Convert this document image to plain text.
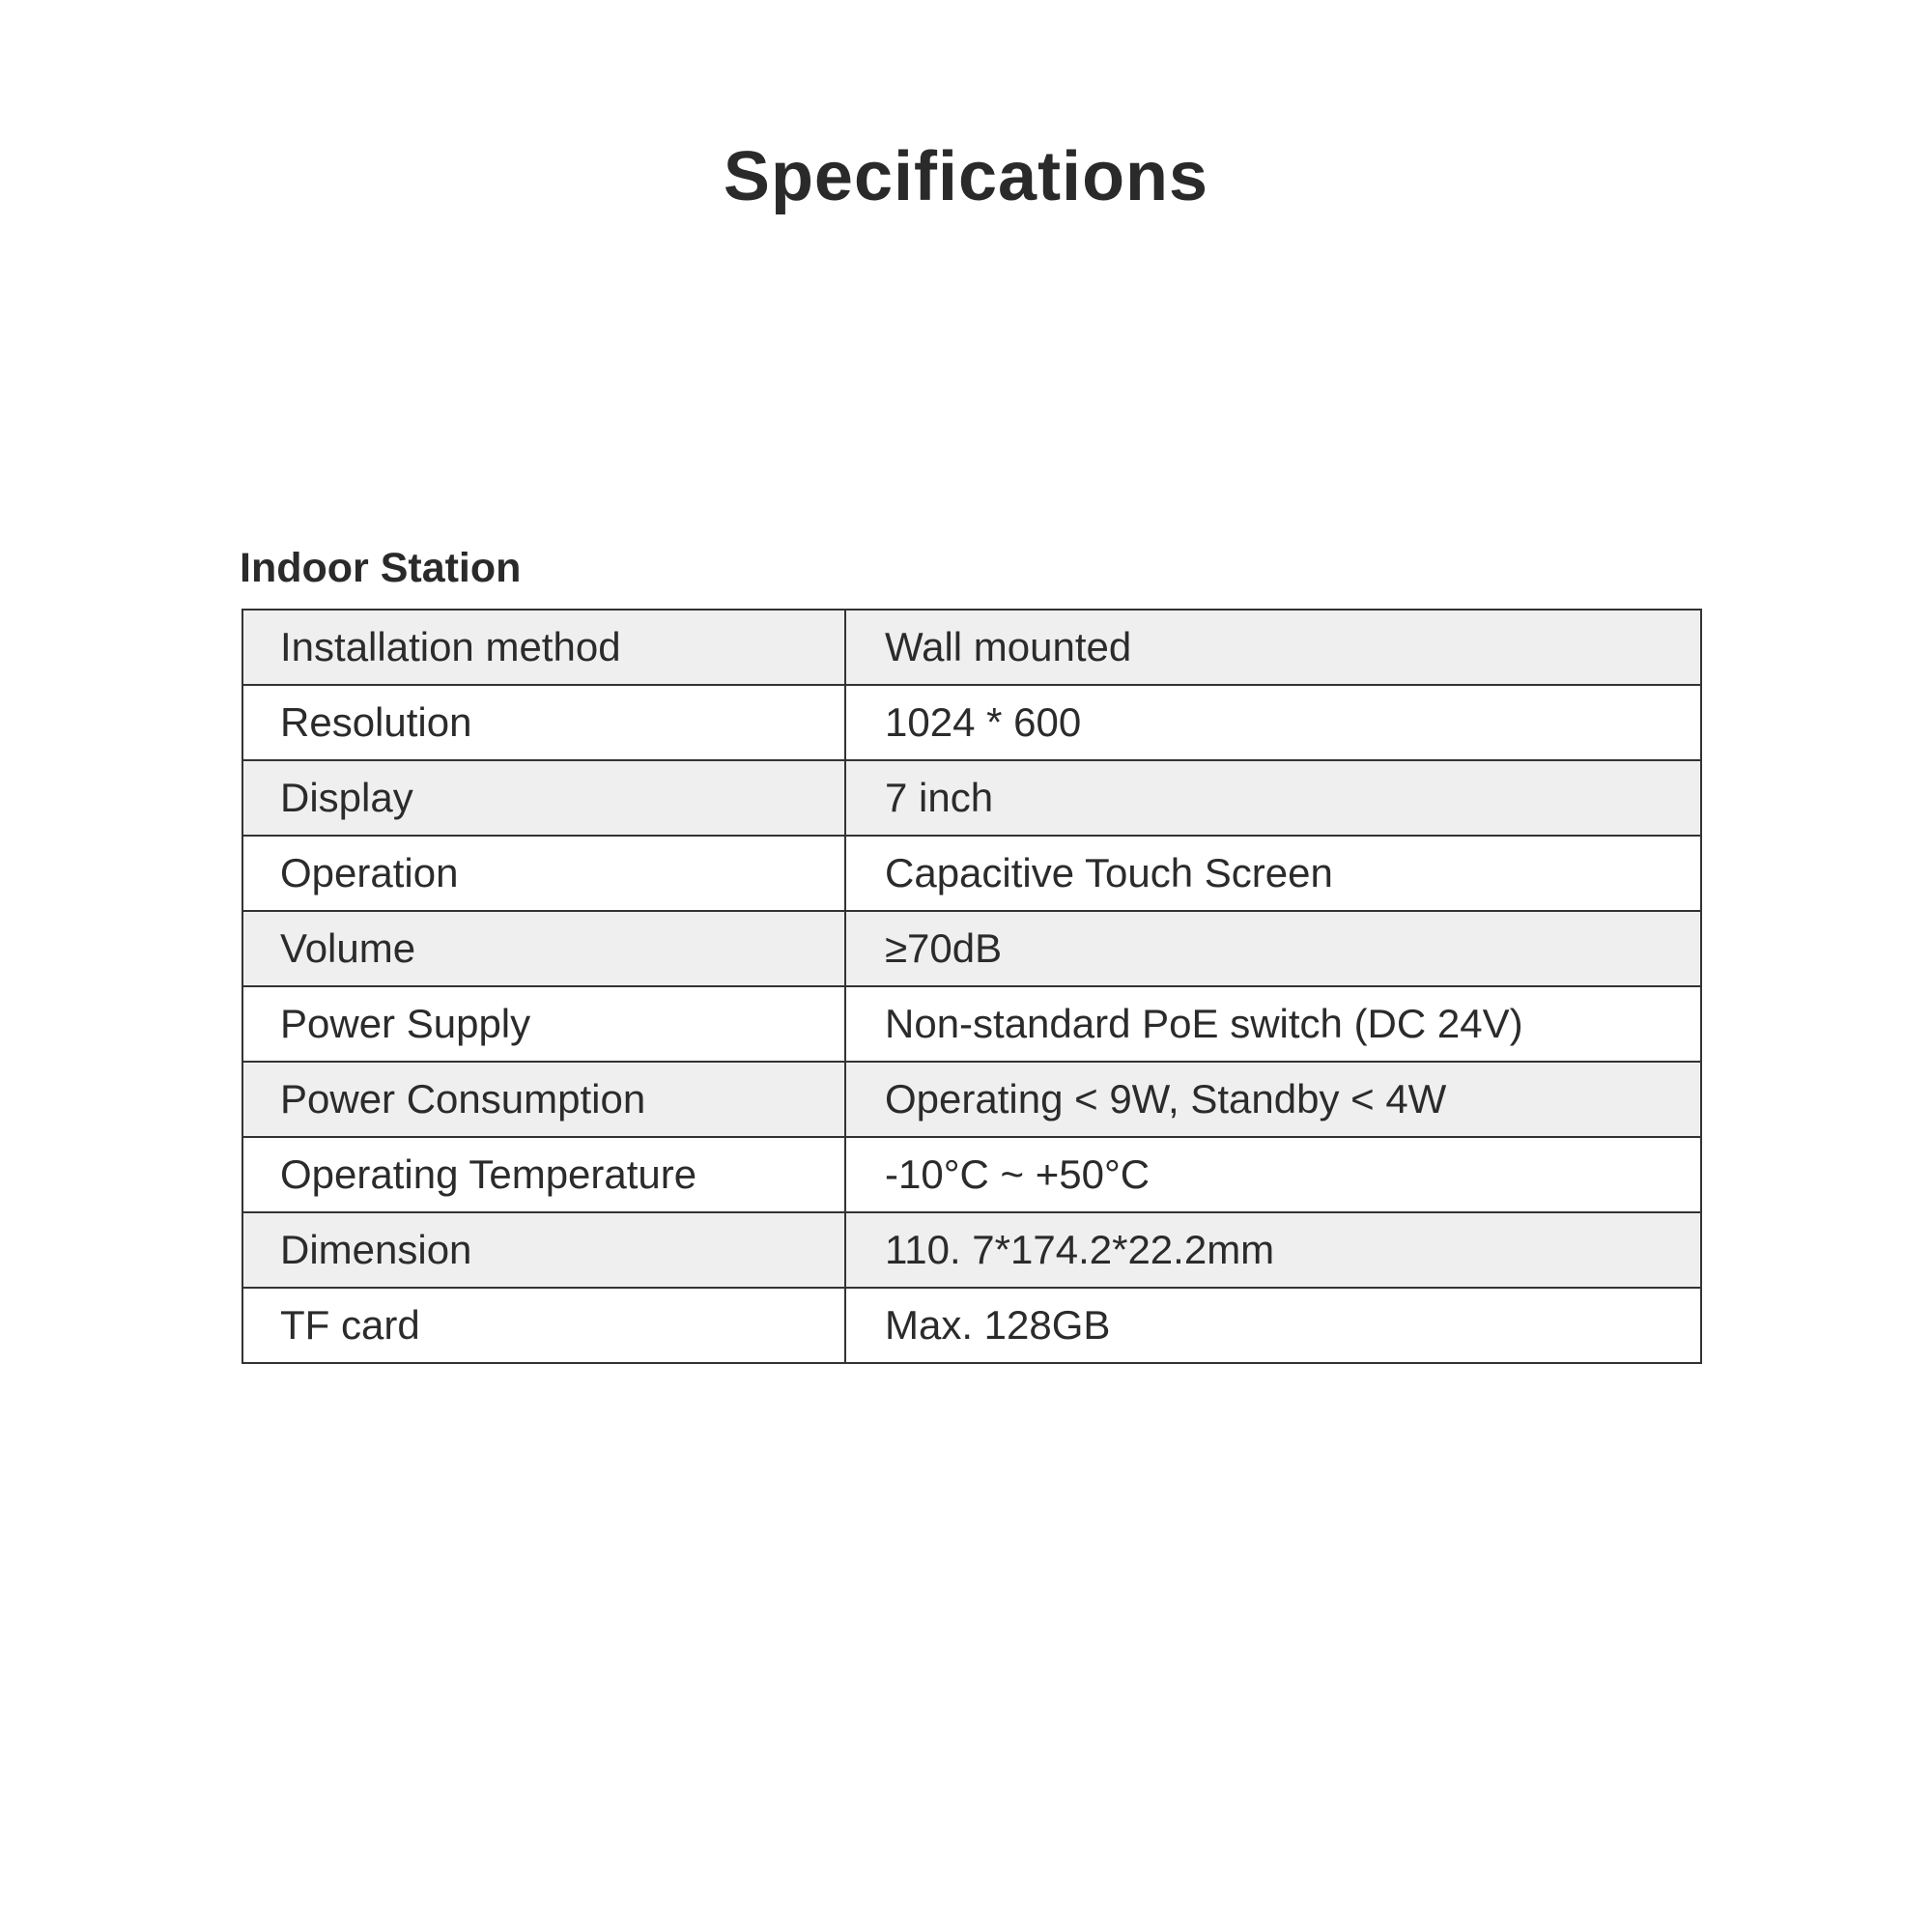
Specifications
Indoor Station
Installation method	Wall mounted
Resolution	1024 * 600
Display	7 inch
Operation	Capacitive Touch Screen
Volume	≥70dB
Power Supply	Non-standard PoE switch (DC 24V)
Power Consumption	Operating < 9W, Standby < 4W
Operating Temperature	-10°C ~ +50°C
Dimension	110. 7*174.2*22.2mm
TF card	Max. 128GB
